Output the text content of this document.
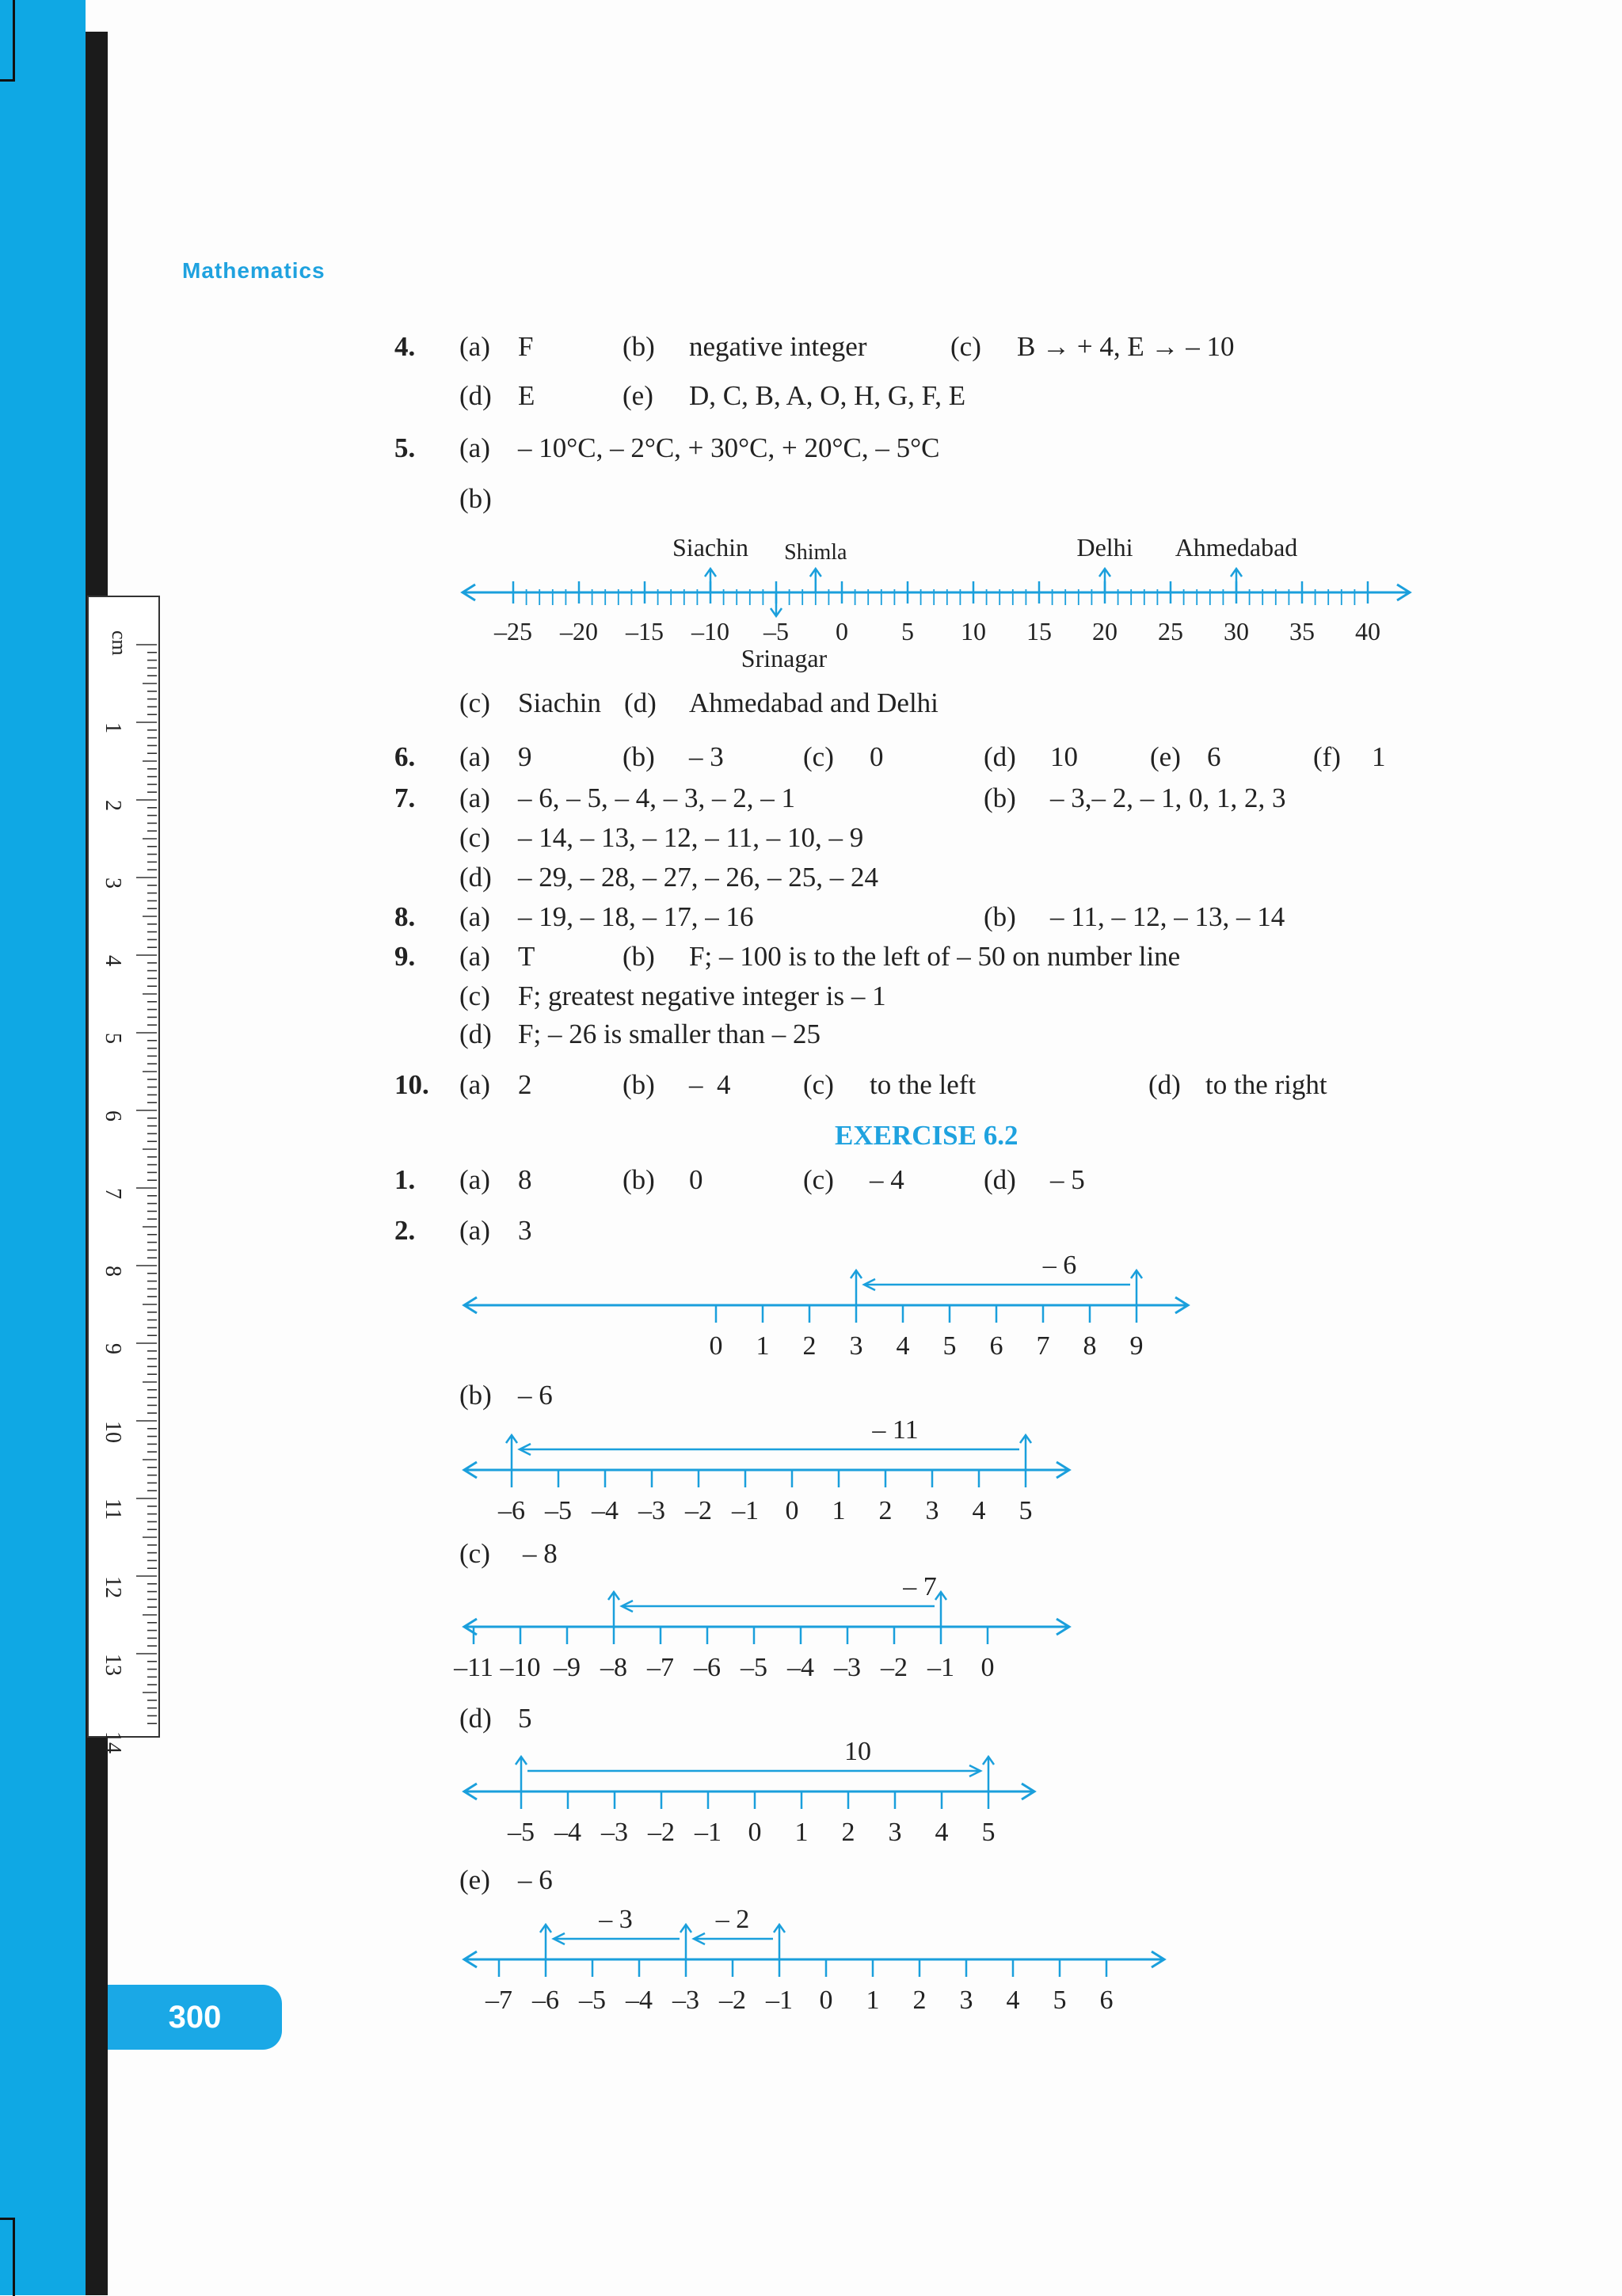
cm
1
2
3
4
5
6
7
8
9
10
11
12
13
14
Mathematics
4. (a) F	(b) negative integer	(c) B → + 4, E → – 10
(d) E	(e) D, C, B, A, O, H, G, F, E
5. (a) – 10°C, – 2°C, + 30°C, + 20°C, – 5°C
(b)
–25 –20 –15 –10 –5 0 5 10 15 20 25 30 35 40
Siachin Shimla
Srinagar
Delhi Ahmedabad
(c) Siachin (d) Ahmedabad and Delhi
6. (a) 9	(b) – 3	(c) 0	(d) 10	(e) 6	(f) 1
7. (a) – 6, – 5, – 4, – 3, – 2, – 1	(b) – 3,– 2, – 1, 0, 1, 2, 3
(c) – 14, – 13, – 12, – 11, – 10, – 9
(d) – 29, – 28, – 27, – 26, – 25, – 24
8. (a) – 19, – 18, – 17, – 16	(b) – 11, – 12, – 13, – 14
9. (a) T	(b) F; – 100 is to the left of – 50 on number line
(c) F; greatest negative integer is – 1
(d) F; – 26 is smaller than – 25
10. (a) 2	(b) –  4	(c) to the left	(d) to the right
EXERCISE 6.2
1. (a) 8	(b) 0	(c) – 4	(d) – 5
2. (a) 3
0 1 2 3 4 5 6 7 8 9
– 6
(b) – 6
–6 –5 –4 –3 –2 –1 0 1 2 3 4 5
– 11
(c) – 8
–11 –10 –9 –8 –7 –6 –5 –4 –3 –2 –1 0
– 7
(d) 5
–5 –4 –3 –2 –1 0 1 2 3 4 5
10
(e) – 6
–7 –6 –5 –4 –3 –2 –1 0 1 2 3 4 5 6
– 2
– 3
300
